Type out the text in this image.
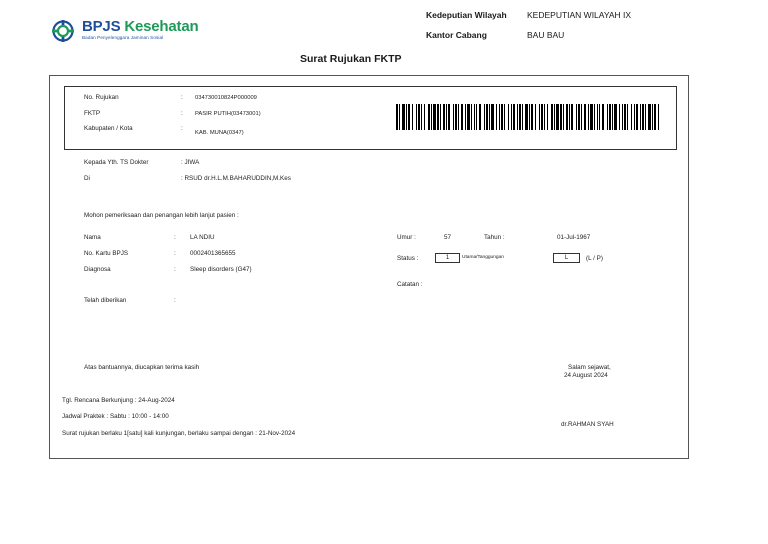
BPJS Kesehatan
Badan Penyelenggara Jaminan Sosial
Kedeputian Wilayah KEDEPUTIAN WILAYAH IX
Kantor Cabang	BAU BAU
Surat Rujukan FKTP
No. Rujukan	: 034730010824P000009
FKTP	: PASIR PUTIH(03473001)
Kabupaten / Kota	:
KAB. MUNA(0347)
Kepada Yth. TS Dokter	: JIWA
Di	: RSUD dr.H.L.M.BAHARUDDIN,M.Kes
Mohon pemeriksaan dan penangan lebih lanjut pasien :
Nama	: LA NDIU
No. Kartu BPJS	: 0002401365655
Diagnosa	: Sleep disorders (G47)
Telah diberikan	:
Umur :	57	Tahun :	01-Jul-1967
Status :	1	Utama/Tanggungan	L	(L / P)
Catatan :
Atas bantuannya, diucapkan terima kasih	Salam sejawat,
24 August 2024
Tgl. Rencana Berkunjung : 24-Aug-2024
Jadwal Praktek : Sabtu : 10:00 - 14:00
dr.RAHMAN SYAH
Surat rujukan berlaku 1[satu] kali kunjungan, berlaku sampai dengan : 21-Nov-2024
